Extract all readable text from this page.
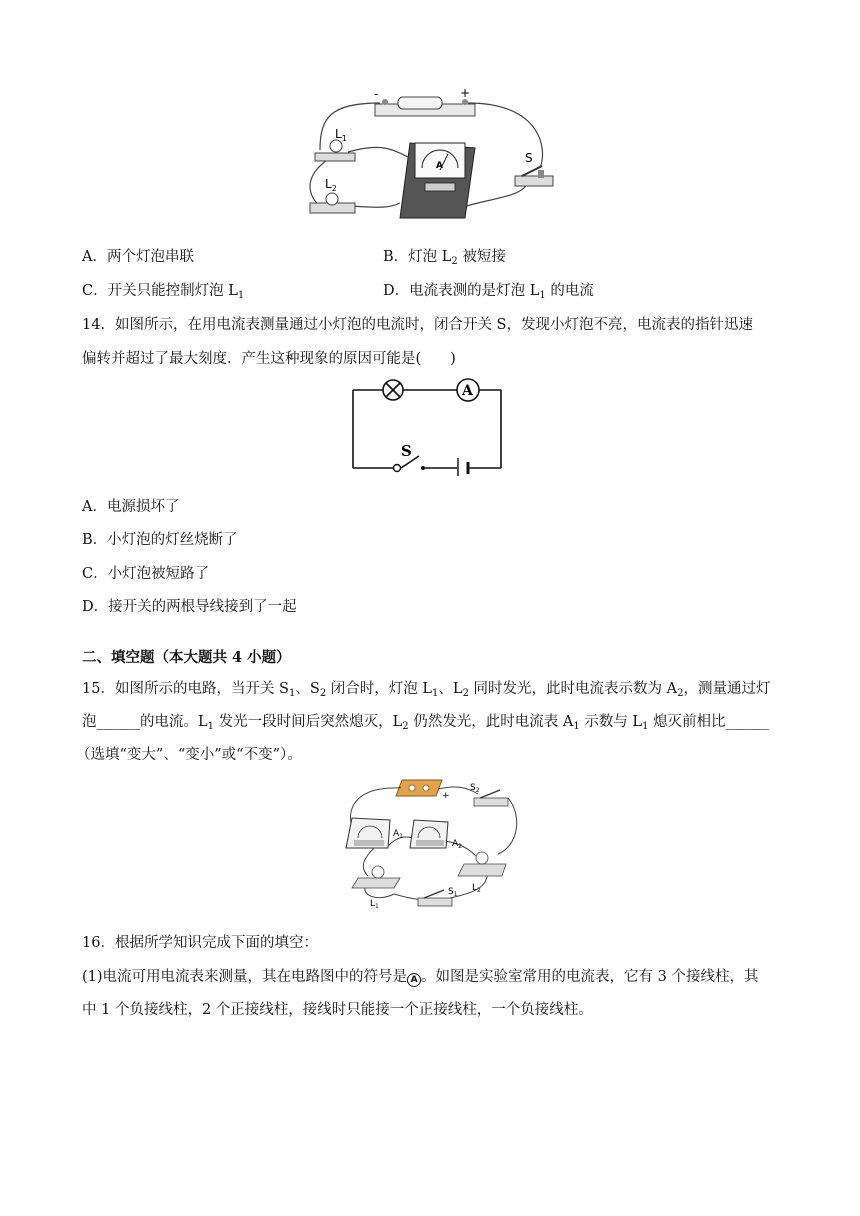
-	+
$L_1$
$L_2$
A
S
A．两个灯泡串联	B．灯泡 $L_2$ 被短接
C．开关只能控制灯泡 $L_1$	D．电流表测的是灯泡 $L_1$ 的电流
14．如图所示，在用电流表测量通过小灯泡的电流时，闭合开关 S，发现小灯泡不亮，电流表的指针迅速
偏转并超过了最大刻度．产生这种现象的原因可能是(　　)
A
S
A．电源损坏了
B．小灯泡的灯丝烧断了
C．小灯泡被短路了
D．接开关的两根导线接到了一起
二、填空题（本大题共 4 小题）
15．如图所示的电路，当开关 $S_1$、$S_2$ 闭合时，灯泡 $L_1$、$L_2$ 同时发光，此时电流表示数为 $A_2$，测量通过灯
泡______的电流。$L_1$ 发光一段时间后突然熄灭，$L_2$ 仍然发光，此时电流表 $A_1$ 示数与 $L_1$ 熄灭前相比______
（选填“变大”、“变小”或“不变”）。
-
+
$S_2$
$A_1$
$A_2$
$L_1$
$L_2$
$S_1$
16．根据所学知识完成下面的填空：
(1)电流可用电流表来测量，其在电路图中的符号是 A 。如图是实验室常用的电流表，它有 3 个接线柱，其
中 1 个负接线柱，2 个正接线柱，接线时只能接一个正接线柱，一个负接线柱。
